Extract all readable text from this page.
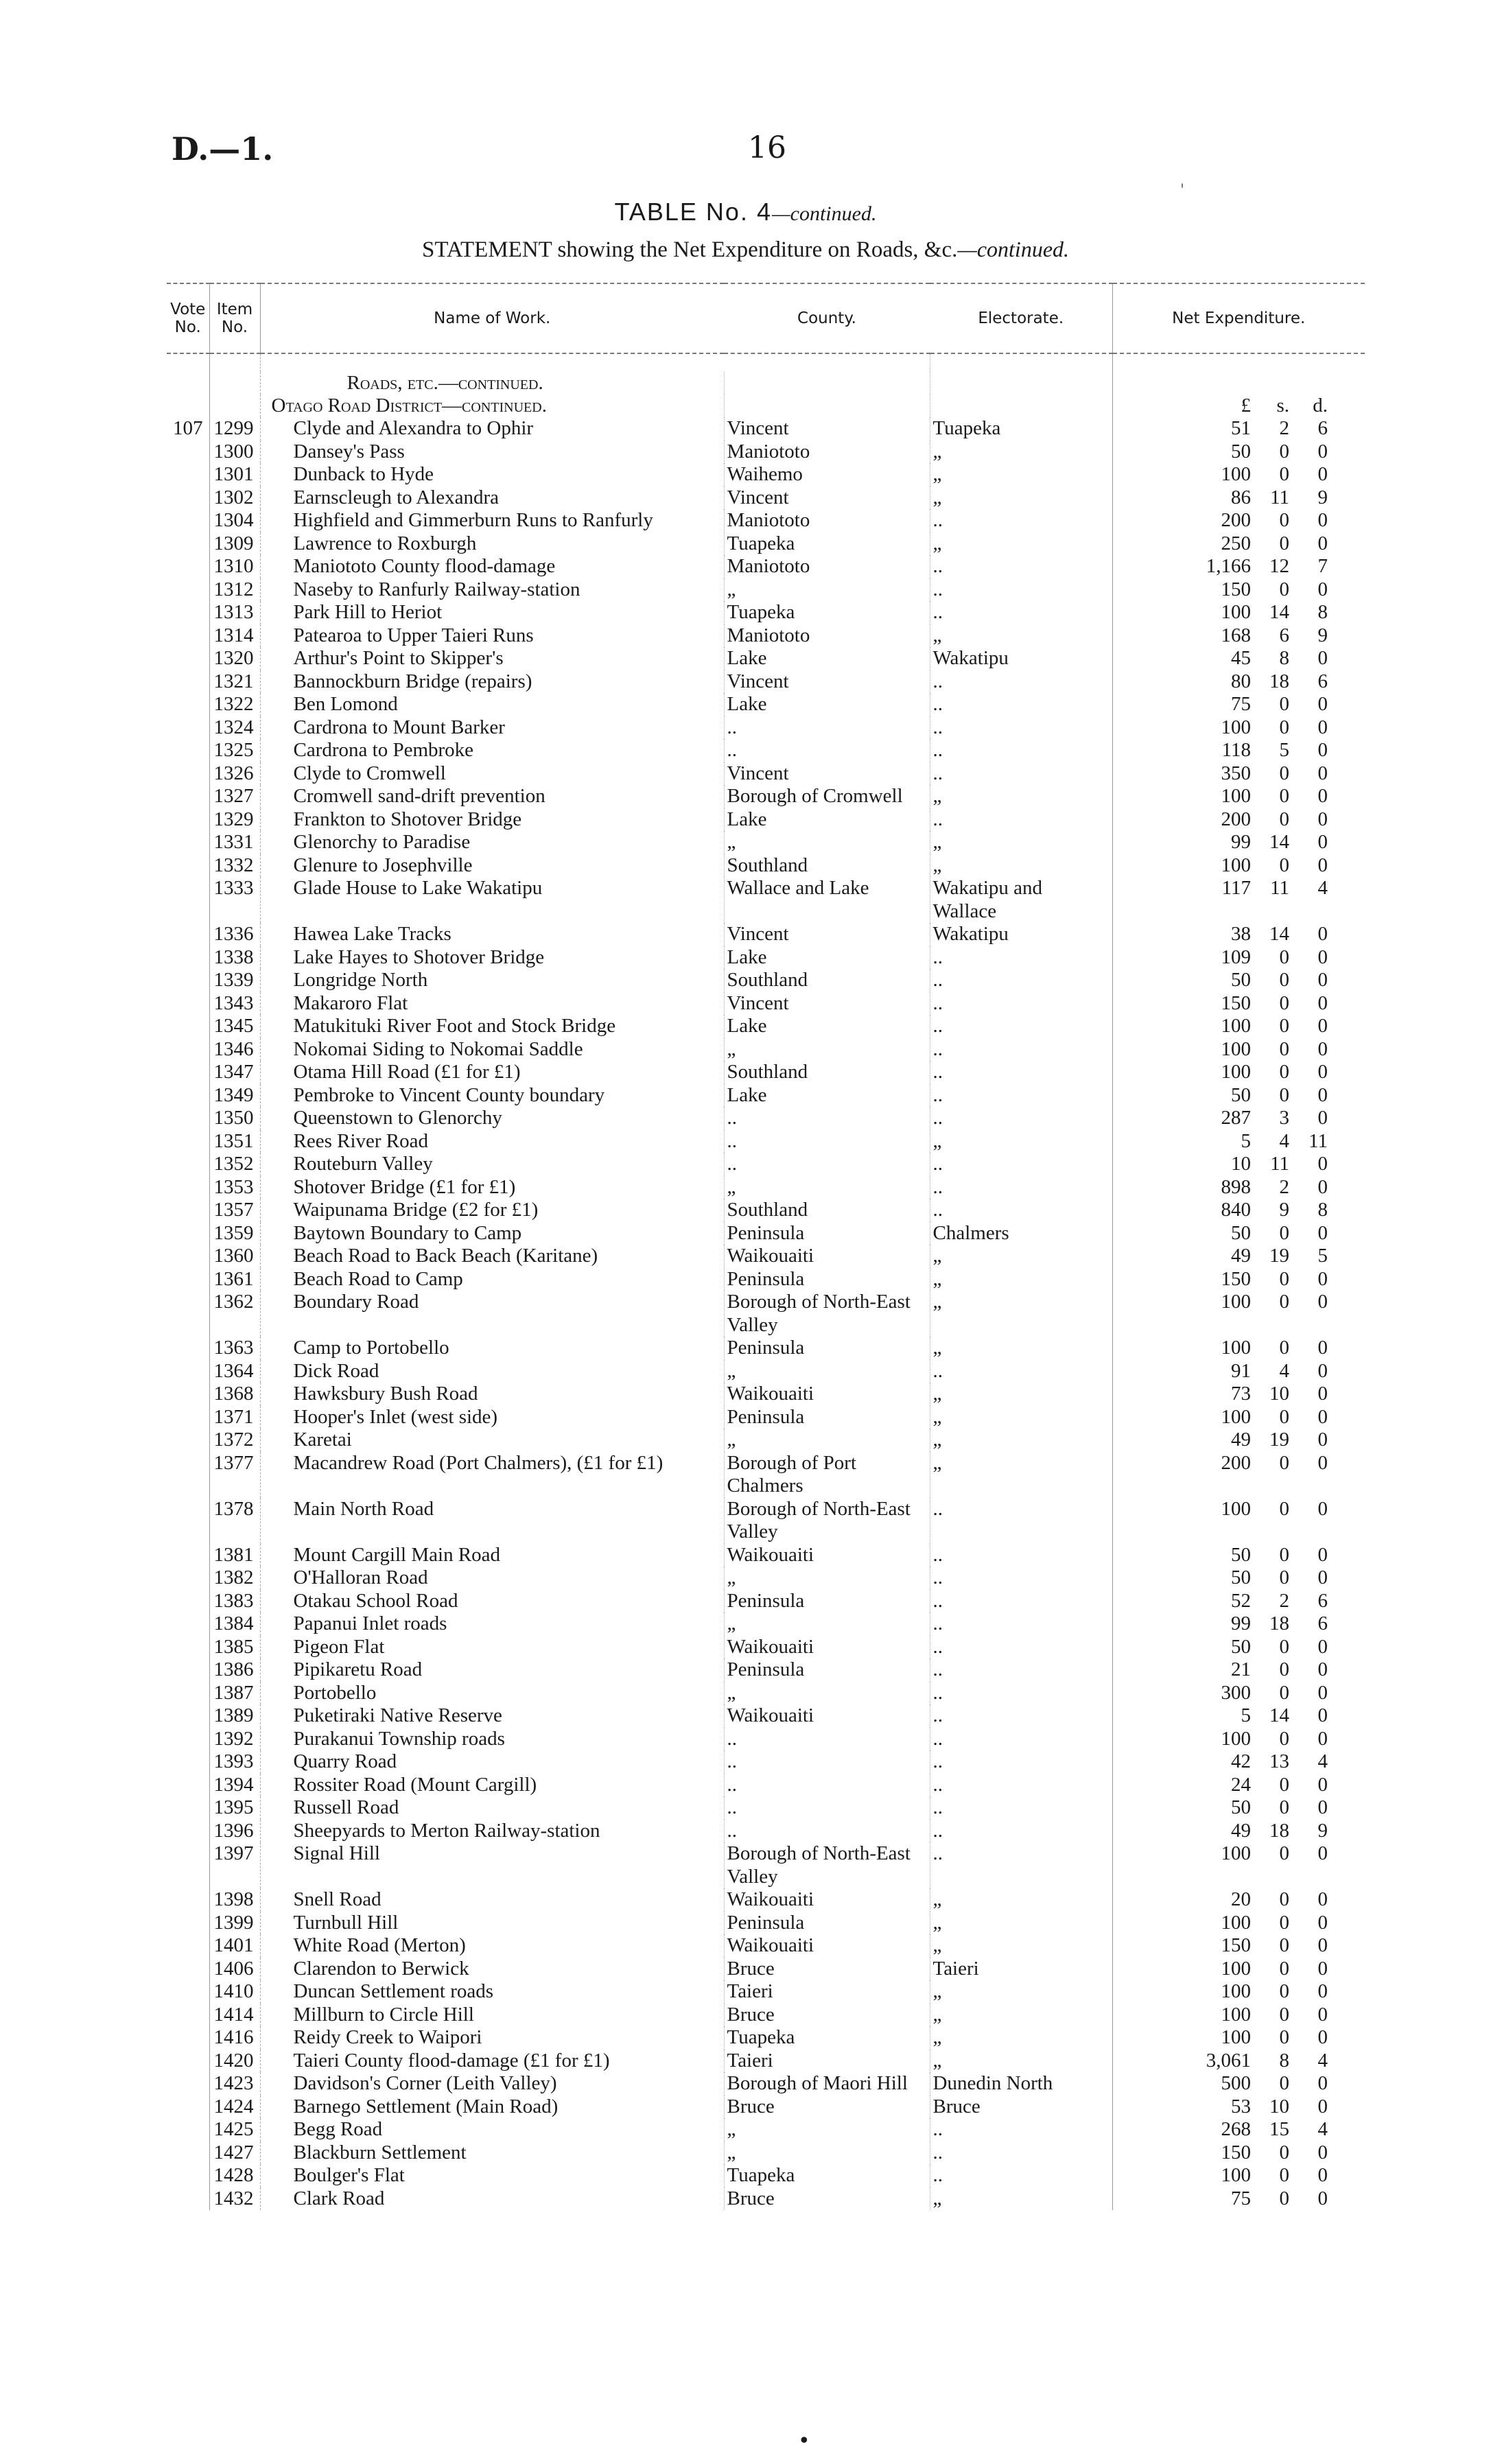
D.—1.	16
'
TABLE No. 4—continued.
STATEMENT showing the Net Expenditure on Roads, &c.—continued.
Vote No.	Item No.	Name of Work.	County.	Electorate.	Net Expenditure.

		Roads, etc.—continued.			
		Otago Road District—continued.			£ s. d.

107	1299	Clyde and Alexandra to Ophir	Vincent	Tuapeka	51 2 6

	1300	Dansey's Pass	Maniototo	„	50 0 0

	1301	Dunback to Hyde	Waihemo	„	100 0 0

	1302	Earnscleugh to Alexandra	Vincent	„	86 11 9

	1304	Highfield and Gimmerburn Runs to Ranfurly	Maniototo	..	200 0 0

	1309	Lawrence to Roxburgh	Tuapeka	„	250 0 0

	1310	Maniototo County flood-damage	Maniototo	..	1,166 12 7

	1312	Naseby to Ranfurly Railway-station	„	..	150 0 0

	1313	Park Hill to Heriot	Tuapeka	..	100 14 8

	1314	Patearoa to Upper Taieri Runs	Maniototo	„	168 6 9

	1320	Arthur's Point to Skipper's	Lake	Wakatipu	45 8 0

	1321	Bannockburn Bridge (repairs)	Vincent	..	80 18 6

	1322	Ben Lomond	Lake	..	75 0 0

	1324	Cardrona to Mount Barker	..	..	100 0 0

	1325	Cardrona to Pembroke	..	..	118 5 0

	1326	Clyde to Cromwell	Vincent	..	350 0 0

	1327	Cromwell sand-drift prevention	Borough of Cromwell	„	100 0 0

	1329	Frankton to Shotover Bridge	Lake	..	200 0 0

	1331	Glenorchy to Paradise	„	„	99 14 0

	1332	Glenure to Josephville	Southland	„	100 0 0

	1333	Glade House to Lake Wakatipu	Wallace and Lake	Wakatipu and Wallace	117 11 4

	1336	Hawea Lake Tracks	Vincent	Wakatipu	38 14 0

	1338	Lake Hayes to Shotover Bridge	Lake	..	109 0 0

	1339	Longridge North	Southland	..	50 0 0

	1343	Makaroro Flat	Vincent	..	150 0 0

	1345	Matukituki River Foot and Stock Bridge	Lake	..	100 0 0

	1346	Nokomai Siding to Nokomai Saddle	„	..	100 0 0

	1347	Otama Hill Road (£1 for £1)	Southland	..	100 0 0

	1349	Pembroke to Vincent County boundary	Lake	..	50 0 0

	1350	Queenstown to Glenorchy	..	..	287 3 0

	1351	Rees River Road	..	„	5 4 11

	1352	Routeburn Valley	..	..	10 11 0

	1353	Shotover Bridge (£1 for £1)	„	..	898 2 0

	1357	Waipunama Bridge (£2 for £1)	Southland	..	840 9 8

	1359	Baytown Boundary to Camp	Peninsula	Chalmers	50 0 0

	1360	Beach Road to Back Beach (Karitane)	Waikouaiti	„	49 19 5

	1361	Beach Road to Camp	Peninsula	„	150 0 0

	1362	Boundary Road	Borough of North-East Valley	„	100 0 0

	1363	Camp to Portobello	Peninsula	„	100 0 0

	1364	Dick Road	„	..	91 4 0

	1368	Hawksbury Bush Road	Waikouaiti	„	73 10 0

	1371	Hooper's Inlet (west side)	Peninsula	„	100 0 0

	1372	Karetai	„	„	49 19 0

	1377	Macandrew Road (Port Chalmers), (£1 for £1)	Borough of Port Chalmers	„	200 0 0

	1378	Main North Road	Borough of North-East Valley	..	100 0 0

	1381	Mount Cargill Main Road	Waikouaiti	..	50 0 0

	1382	O'Halloran Road	„	..	50 0 0

	1383	Otakau School Road	Peninsula	..	52 2 6

	1384	Papanui Inlet roads	„	..	99 18 6

	1385	Pigeon Flat	Waikouaiti	..	50 0 0

	1386	Pipikaretu Road	Peninsula	..	21 0 0

	1387	Portobello	„	..	300 0 0

	1389	Puketiraki Native Reserve	Waikouaiti	..	5 14 0

	1392	Purakanui Township roads	..	..	100 0 0

	1393	Quarry Road	..	..	42 13 4

	1394	Rossiter Road (Mount Cargill)	..	..	24 0 0

	1395	Russell Road	..	..	50 0 0

	1396	Sheepyards to Merton Railway-station	..	..	49 18 9

	1397	Signal Hill	Borough of North-East Valley	..	100 0 0

	1398	Snell Road	Waikouaiti	„	20 0 0

	1399	Turnbull Hill	Peninsula	„	100 0 0

	1401	White Road (Merton)	Waikouaiti	„	150 0 0

	1406	Clarendon to Berwick	Bruce	Taieri	100 0 0

	1410	Duncan Settlement roads	Taieri	„	100 0 0

	1414	Millburn to Circle Hill	Bruce	„	100 0 0

	1416	Reidy Creek to Waipori	Tuapeka	„	100 0 0

	1420	Taieri County flood-damage (£1 for £1)	Taieri	„	3,061 8 4

	1423	Davidson's Corner (Leith Valley)	Borough of Maori Hill	Dunedin North	500 0 0

	1424	Barnego Settlement (Main Road)	Bruce	Bruce	53 10 0

	1425	Begg Road	„	..	268 15 4

	1427	Blackburn Settlement	„	..	150 0 0

	1428	Boulger's Flat	Tuapeka	..	100 0 0

	1432	Clark Road	Bruce	„	75 0 0
•
